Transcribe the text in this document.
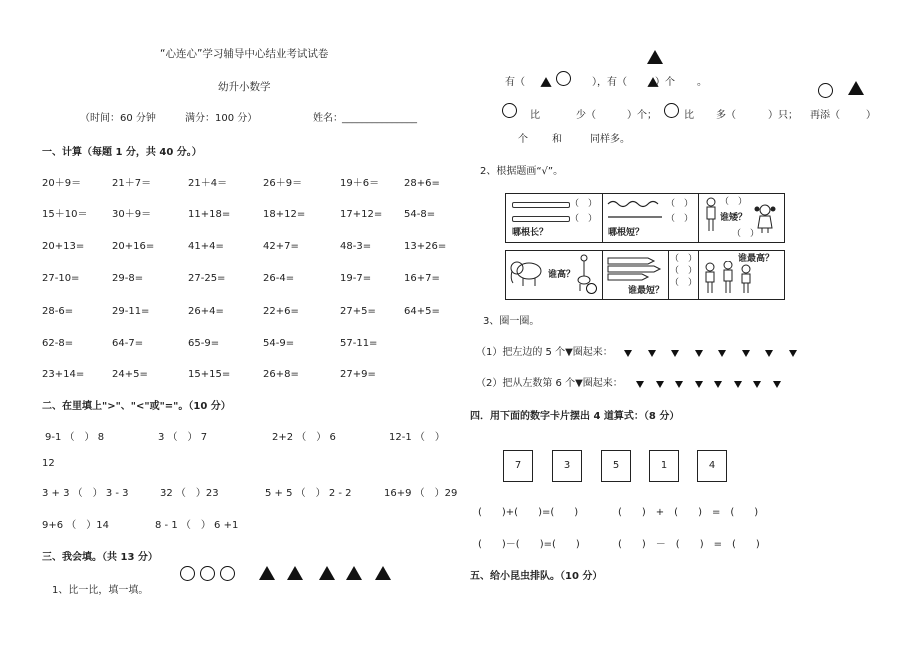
“心连心”学习辅导中心结业考试试卷
幼升小数学
（时间：60 分钟	满分：100 分）	姓名： _______________
一、计算（每题 1 分，共 40 分。）
20＋9＝	21＋7＝	21＋4＝	26＋9＝	19＋6＝ 28+6=
15＋10＝ 30＋9＝	11+18=	18+12=	17+12= 54-8=
20+13=	20+16=	41+4=	42+7=	48-3=	13+26=
27-10=	29-8=	27-25=	26-4=	19-7=	16+7=
28-6=	29-11=	26+4=	22+6=	27+5=	64+5=
62-8=	64-7=	65-9=	54-9=	57-11=
23+14=	24+5=	15+15=	26+8=	27+9=
二、在里填上">"、"<"或"="。（10 分）
9-1 （　） 8	3 （　） 7	2+2 （　） 6	12-1 （　）
12
3 + 3 （　） 3 - 3	32 （　）23	5 + 5 （　） 2 - 2	16+9 （　）29
9+6 （　）14	8 - 1 （　） 6 +1
三、我会填。（共 13 分）
1、比一比，填一填。
有（	），有（	）个 。
比	少（	）个；	比 多（	）只； 再添（	）
个 和	同样多。
2、根据题画“√”。
哪根长？
（　）
（　）
哪根短？
（　）
（　）
（　）
谁矮？
（　）
谁高？
谁最短？
（　）
（　）
（　）
谁最高？
3、圈一圈。
（1）把左边的 5 个▼圈起来：
（2）把从左数第 6 个▼圈起来：
四．用下面的数字卡片摆出 4 道算式：（8 分）
7	3	5	1	4
(　　)+(　　)=(　　)	(　　)　+　(　　)　=　(　　)
(　　)－(　　)=(　　)	(　　)　－　(　　)　=　(　　)
五、给小昆虫排队。（10 分）
